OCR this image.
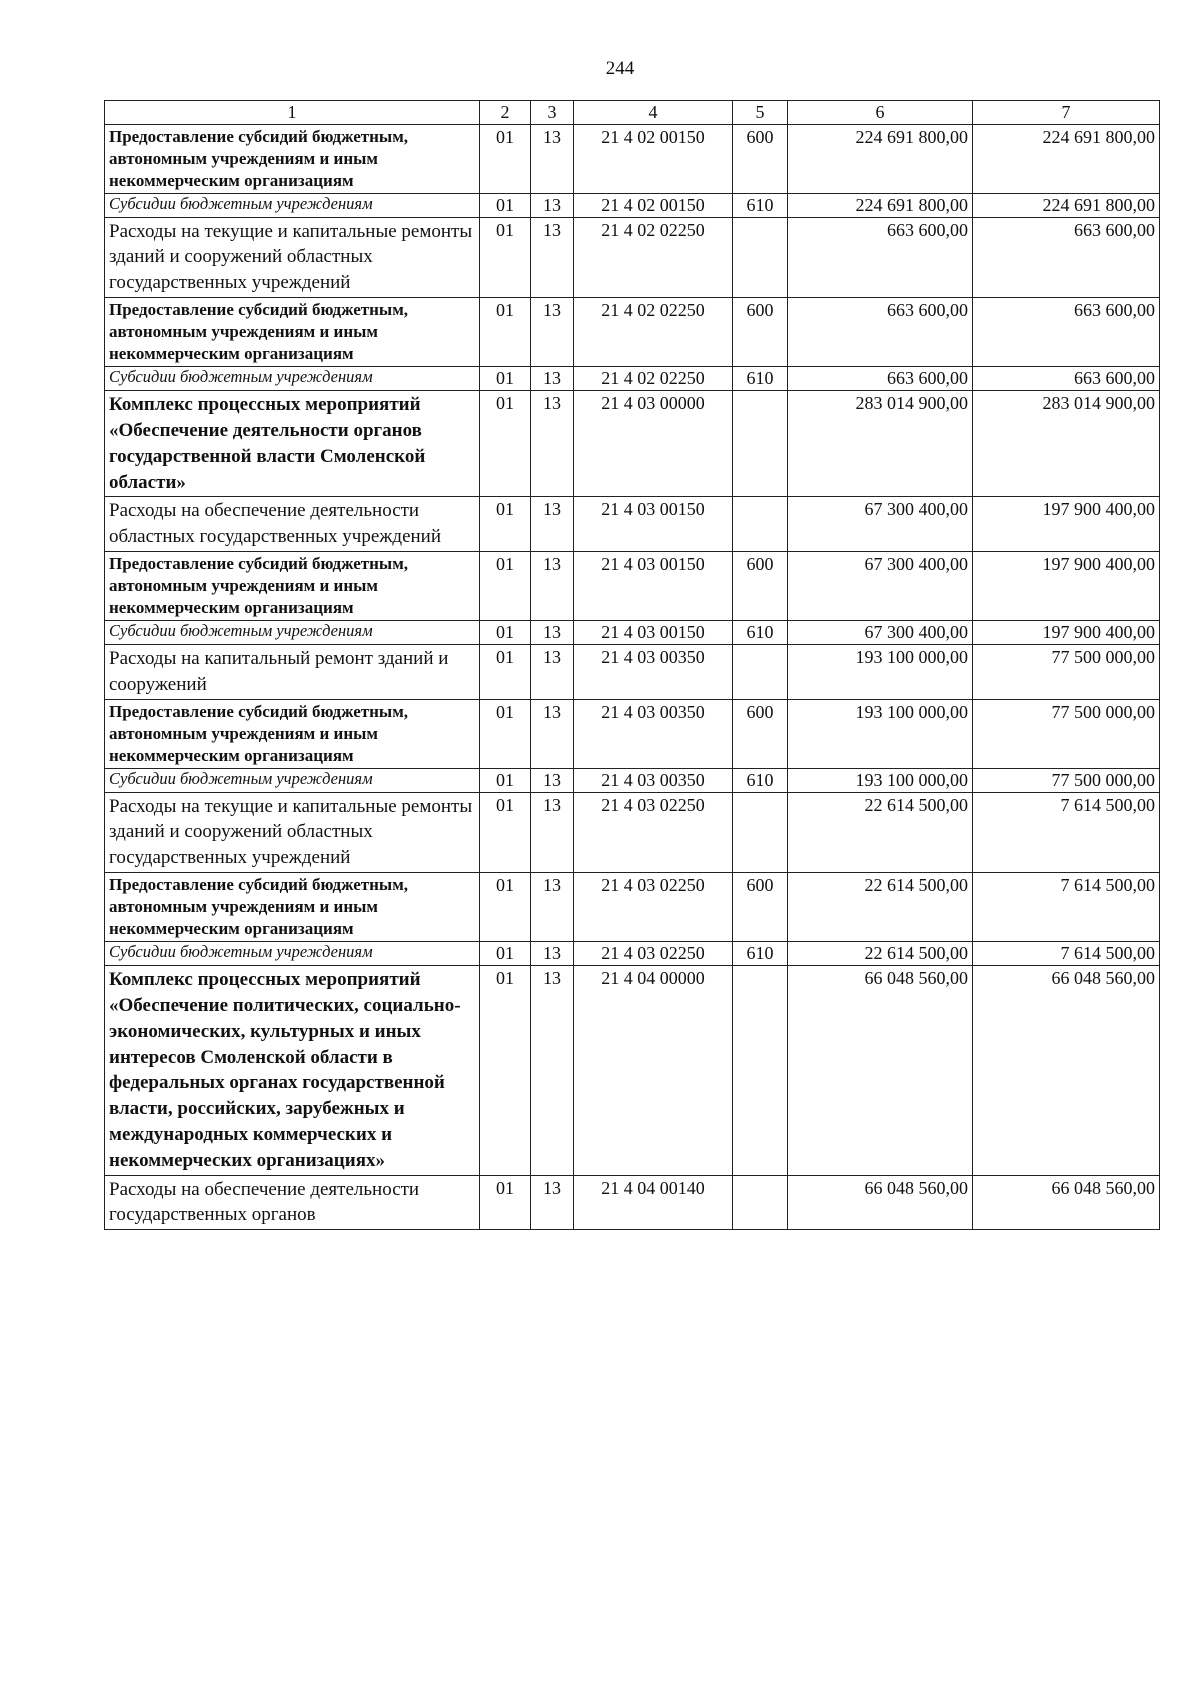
244
1	2	3	4	5	6	7
Предоставление субсидий бюджетным, автономным учреждениям и иным некоммерческим организациям	01	13	21 4 02 00150	600	224 691 800,00	224 691 800,00
Субсидии бюджетным учреждениям	01	13	21 4 02 00150	610	224 691 800,00	224 691 800,00
Расходы на текущие и капитальные ремонты зданий и сооружений областных государственных учреждений	01	13	21 4 02 02250		663 600,00	663 600,00
Предоставление субсидий бюджетным, автономным учреждениям и иным некоммерческим организациям	01	13	21 4 02 02250	600	663 600,00	663 600,00
Субсидии бюджетным учреждениям	01	13	21 4 02 02250	610	663 600,00	663 600,00
Комплекс процессных мероприятий «Обеспечение деятельности органов государственной власти Смоленской области»	01	13	21 4 03 00000		283 014 900,00	283 014 900,00
Расходы на обеспечение деятельности областных государственных учреждений	01	13	21 4 03 00150		67 300 400,00	197 900 400,00
Предоставление субсидий бюджетным, автономным учреждениям и иным некоммерческим организациям	01	13	21 4 03 00150	600	67 300 400,00	197 900 400,00
Субсидии бюджетным учреждениям	01	13	21 4 03 00150	610	67 300 400,00	197 900 400,00
Расходы на капитальный ремонт зданий и сооружений	01	13	21 4 03 00350		193 100 000,00	77 500 000,00
Предоставление субсидий бюджетным, автономным учреждениям и иным некоммерческим организациям	01	13	21 4 03 00350	600	193 100 000,00	77 500 000,00
Субсидии бюджетным учреждениям	01	13	21 4 03 00350	610	193 100 000,00	77 500 000,00
Расходы на текущие и капитальные ремонты зданий и сооружений областных государственных учреждений	01	13	21 4 03 02250		22 614 500,00	7 614 500,00
Предоставление субсидий бюджетным, автономным учреждениям и иным некоммерческим организациям	01	13	21 4 03 02250	600	22 614 500,00	7 614 500,00
Субсидии бюджетным учреждениям	01	13	21 4 03 02250	610	22 614 500,00	7 614 500,00
Комплекс процессных мероприятий «Обеспечение политических, социально-экономических, культурных и иных интересов Смоленской области в федеральных органах государственной власти, российских, зарубежных и международных коммерческих и некоммерческих организациях»	01	13	21 4 04 00000		66 048 560,00	66 048 560,00
Расходы на обеспечение деятельности государственных органов	01	13	21 4 04 00140		66 048 560,00	66 048 560,00
